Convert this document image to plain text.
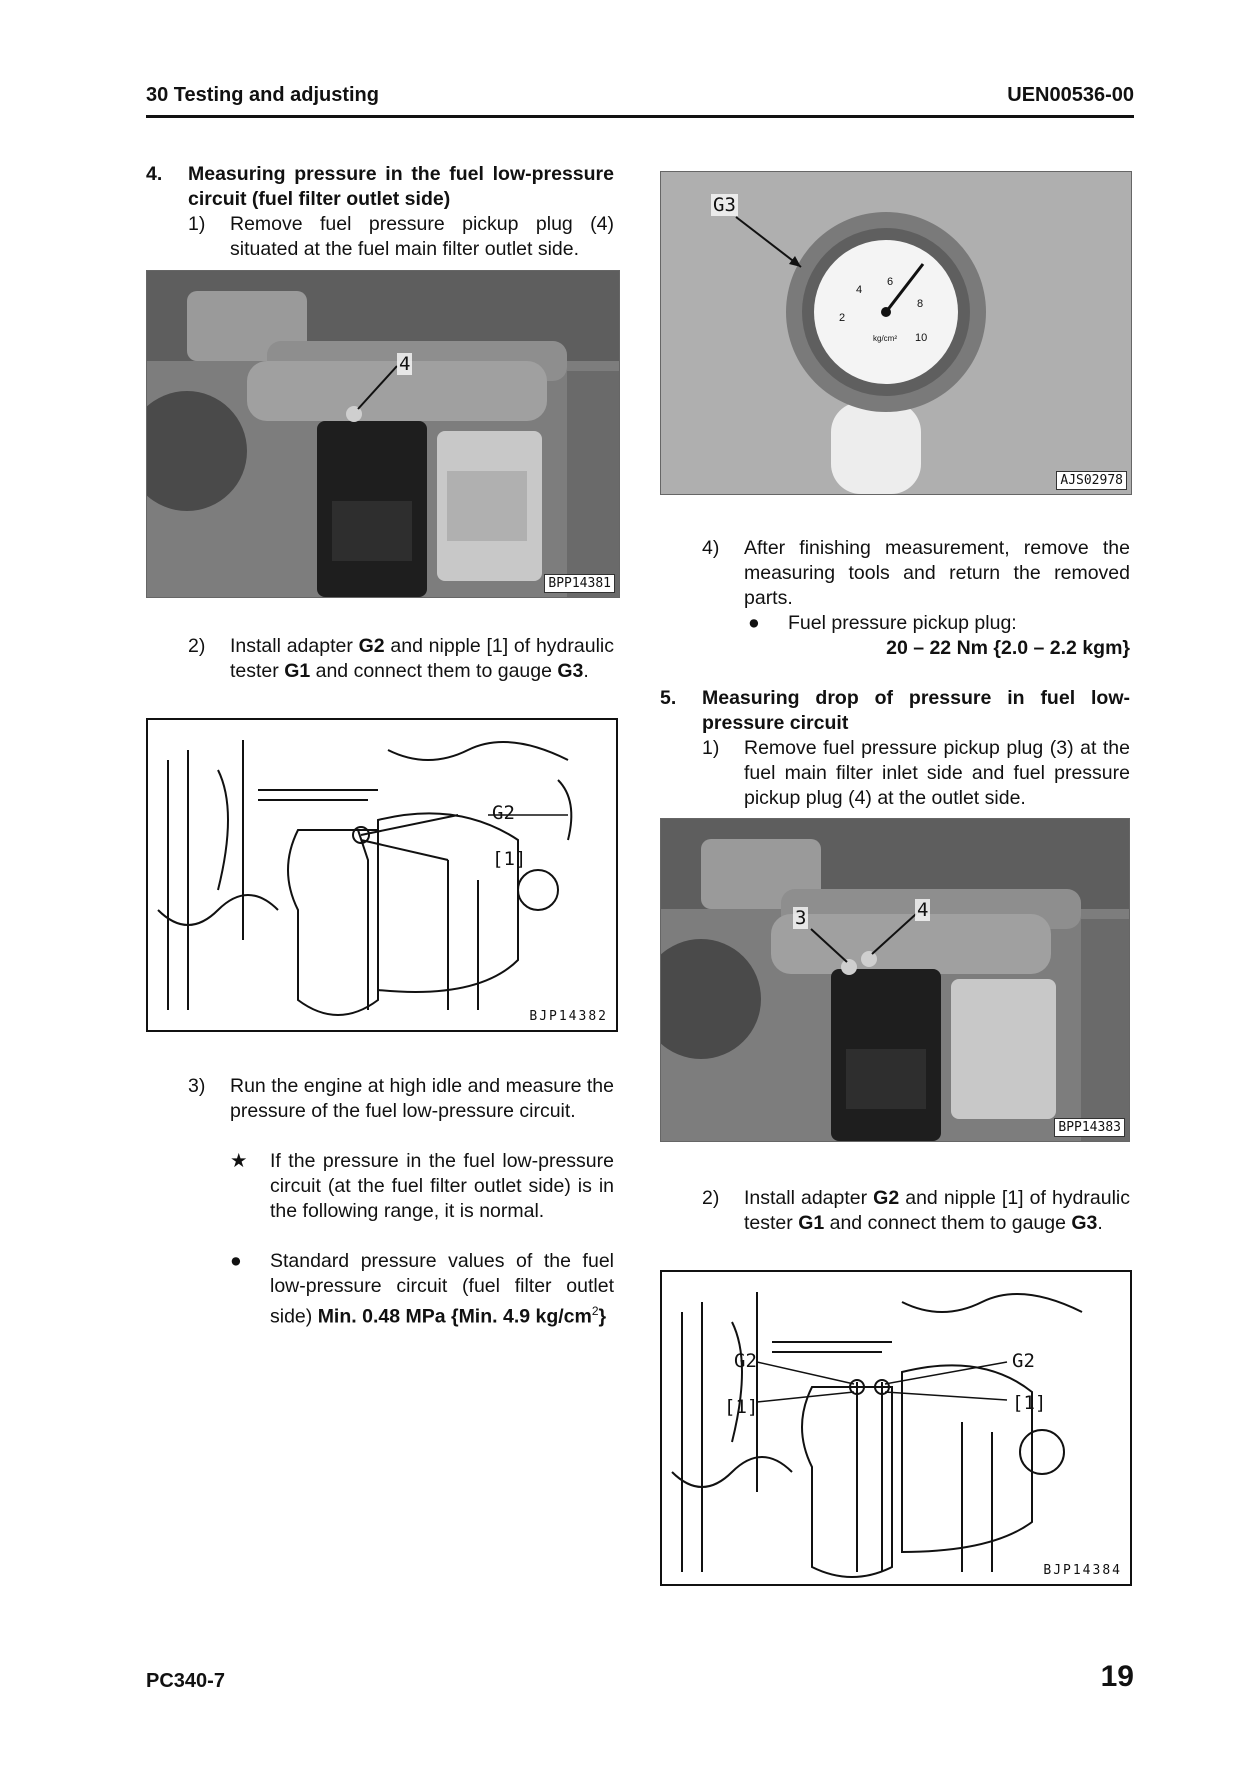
30 Testing and adjusting	UEN00536-00
4. Measuring pressure in the fuel low-pressure circuit (fuel filter outlet side)
1) Remove fuel pressure pickup plug (4) situated at the fuel main filter outlet side.
4
BPP14381
2) Install adapter G2 and nipple [1] of hydraulic tester G1 and connect them to gauge G3.
G2
[1]
BJP14382
3) Run the engine at high idle and measure the pressure of the fuel low-pressure circuit.
★ If the pressure in the fuel low-pressure circuit (at the fuel filter outlet side) is in the following range, it is normal.
● Standard pressure values of the fuel low-pressure circuit (fuel filter outlet side) Min. 0.48 MPa {Min. 4.9 $kg/cm^2$}
G3
2
4
6
8
10
kg/cm²
AJS02978
4) After finishing measurement, remove the measuring tools and return the removed parts.
● Fuel pressure pickup plug:
20 – 22 Nm {2.0 – 2.2 kgm}
5. Measuring drop of pressure in fuel low-pressure circuit
1) Remove fuel pressure pickup plug (3) at the fuel main filter inlet side and fuel pressure pickup plug (4) at the outlet side.
3	4
BPP14383
2) Install adapter G2 and nipple [1] of hydraulic tester G1 and connect them to gauge G3.
G2	G2
[1]	[1]
BJP14384
PC340-7	19
